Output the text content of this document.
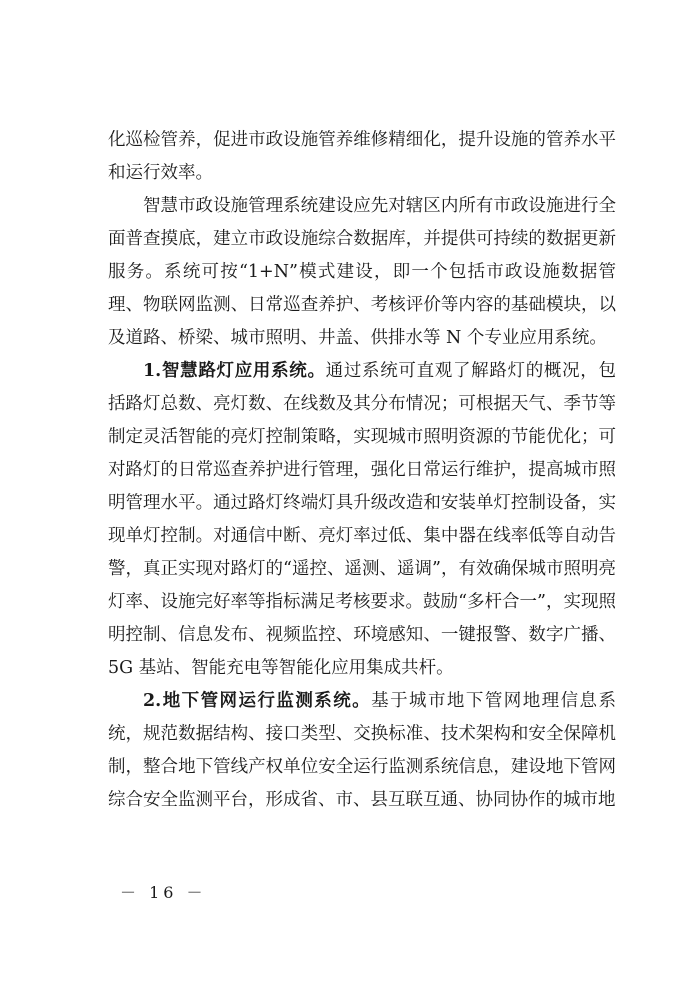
化巡检管养，促进市政设施管养维修精细化，提升设施的管养水平和运行效率。

智慧市政设施管理系统建设应先对辖区内所有市政设施进行全面普查摸底，建立市政设施综合数据库，并提供可持续的数据更新服务。系统可按“1+N”模式建设，即一个包括市政设施数据管理、物联网监测、日常巡查养护、考核评价等内容的基础模块，以及道路、桥梁、城市照明、井盖、供排水等 N 个专业应用系统。

1.智慧路灯应用系统。通过系统可直观了解路灯的概况，包括路灯总数、亮灯数、在线数及其分布情况；可根据天气、季节等制定灵活智能的亮灯控制策略，实现城市照明资源的节能优化；可对路灯的日常巡查养护进行管理，强化日常运行维护，提高城市照明管理水平。通过路灯终端灯具升级改造和安装单灯控制设备，实现单灯控制。对通信中断、亮灯率过低、集中器在线率低等自动告警，真正实现对路灯的“遥控、遥测、遥调”，有效确保城市照明亮灯率、设施完好率等指标满足考核要求。鼓励“多杆合一”，实现照明控制、信息发布、视频监控、环境感知、一键报警、数字广播、5G 基站、智能充电等智能化应用集成共杆。

2.地下管网运行监测系统。基于城市地下管网地理信息系统，规范数据结构、接口类型、交换标准、技术架构和安全保障机制，整合地下管线产权单位安全运行监测系统信息，建设地下管网综合安全监测平台，形成省、市、县互联互通、协同协作的城市地

－ 16 －
